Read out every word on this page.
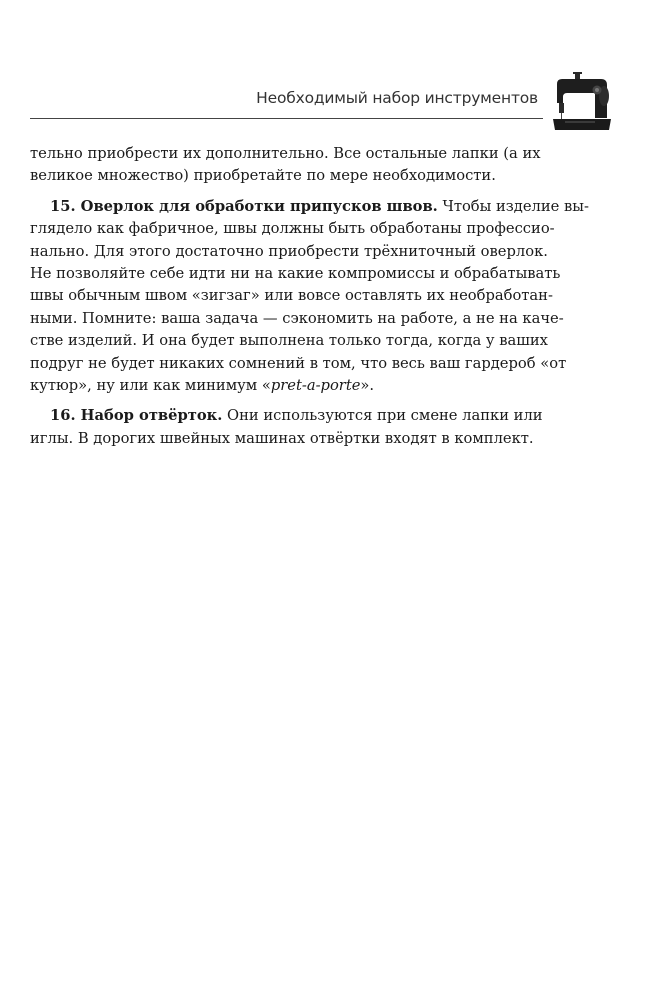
Необходимый набор инструментов

тельно приобрести их дополнительно. Все остальные лапки (а их
великое множество) приобретайте по мере необходимости.

15. Оверлок для обработки припусков швов. Чтобы изделие вы-
глядело как фабричное, швы должны быть обработаны профессио-
нально. Для этого достаточно приобрести трёхниточный оверлок.
Не позволяйте себе идти ни на какие компромиссы и обрабатывать
швы обычным швом «зигзаг» или вовсе оставлять их необработан-
ными. Помните: ваша задача — сэкономить на работе, а не на каче-
стве изделий. И она будет выполнена только тогда, когда у ваших
подруг не будет никаких сомнений в том, что весь ваш гардероб «от
кутюр», ну или как минимум «pret-a-porte».

16. Набор отвёрток. Они используются при смене лапки или
иглы. В дорогих швейных машинах отвёртки входят в комплект.
